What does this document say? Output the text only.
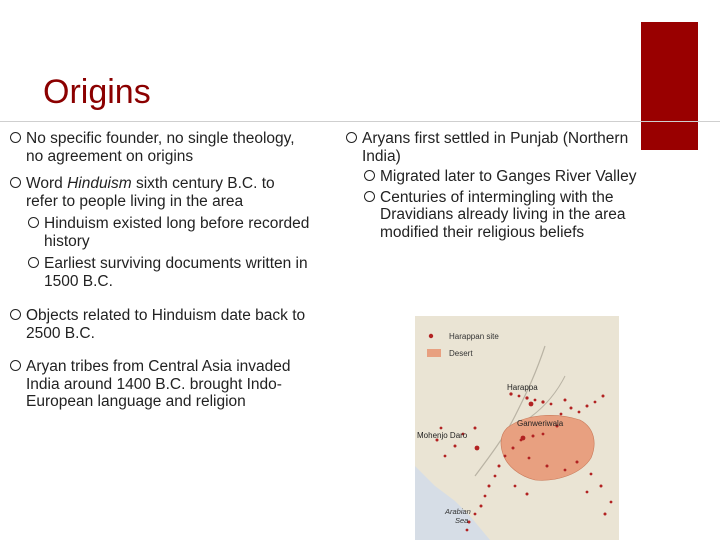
Origins
No specific founder, no single theology, no agreement on origins
Word Hinduism sixth century B.C. to refer to people living in the area
Hinduism existed long before recorded history
Earliest surviving documents written in 1500 B.C.
Objects related to Hinduism date back to 2500 B.C.
Aryan tribes from Central Asia invaded India around 1400 B.C. brought Indo-European language and religion
Aryans first settled in Punjab (Northern India)
Migrated later to Ganges River Valley
Centuries of intermingling with the Dravidians already living in the area modified their religious beliefs
Harappan site
Desert
Harappa
Mohenjo Daro
Ganweriwala
Arabian
Sea
